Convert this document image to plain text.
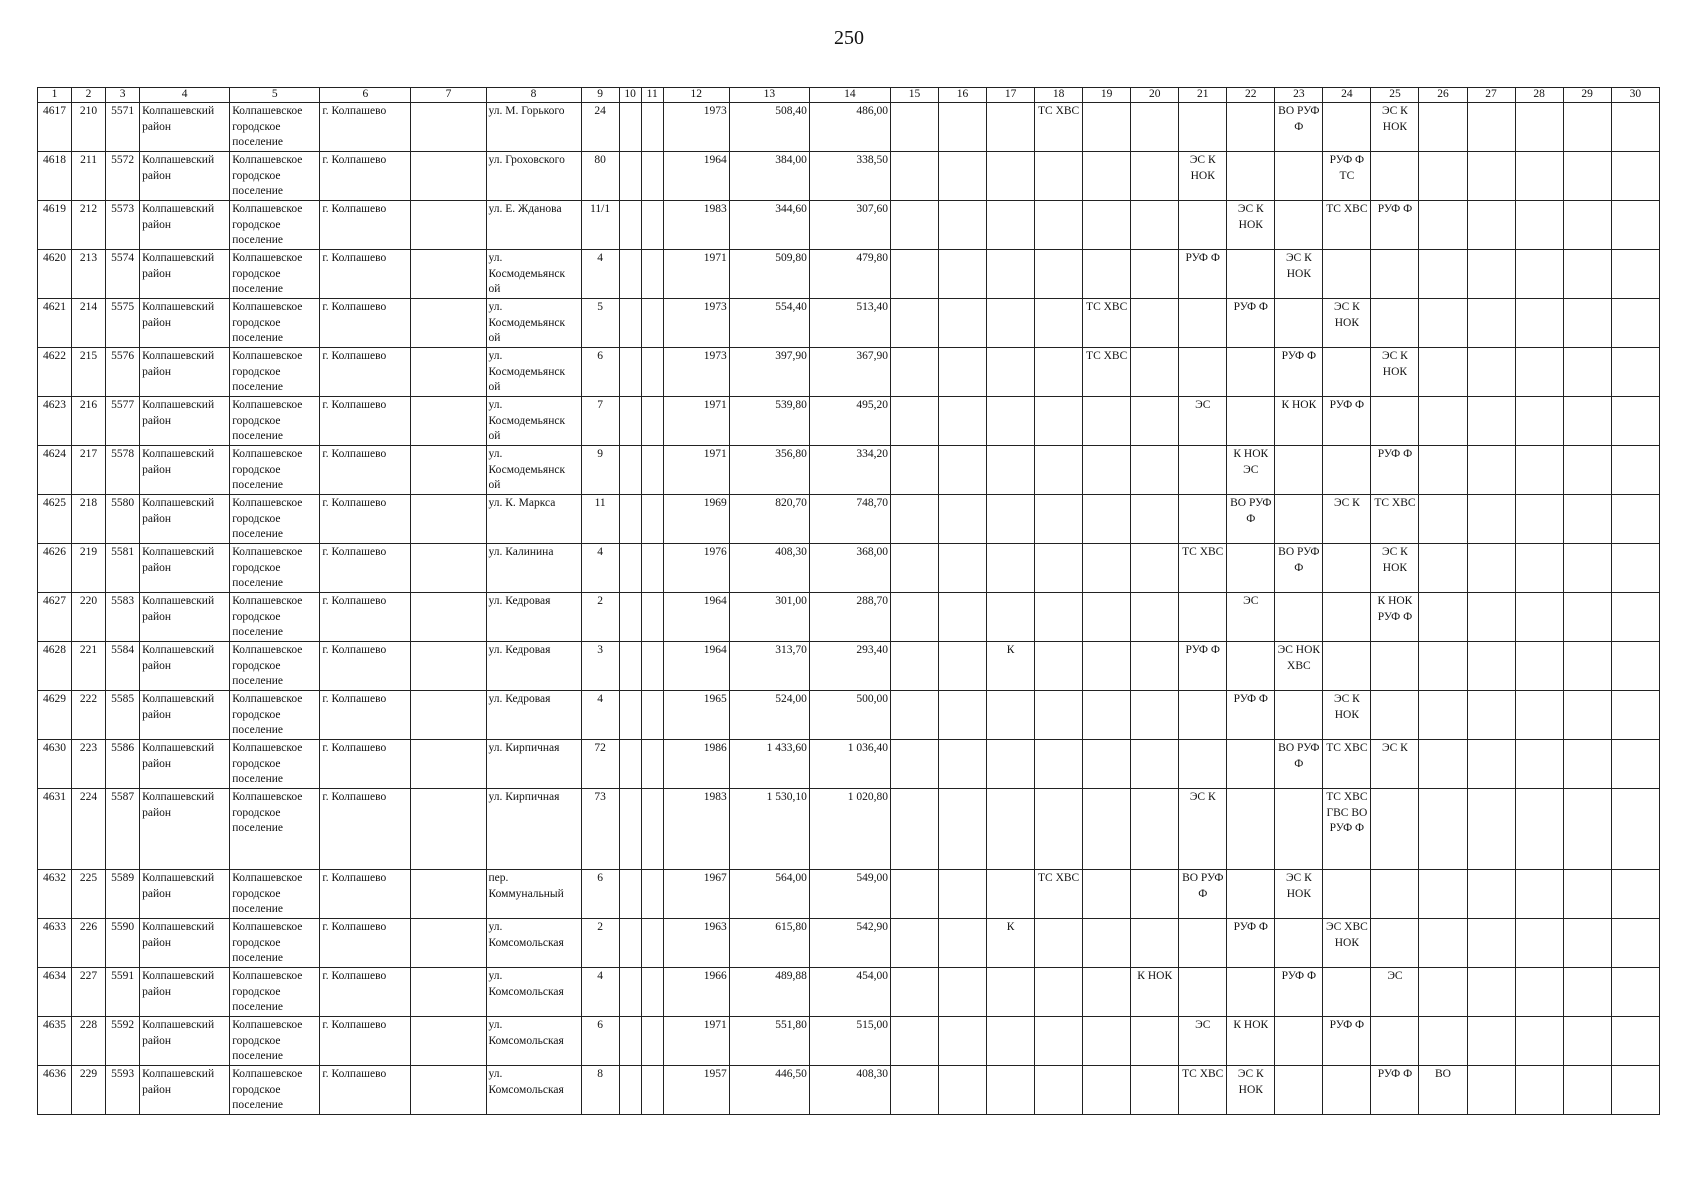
250
1	2	3	4	5	6	7	8	9	10	11	12	13	14	15	16	17	18	19	20	21	22	23	24	25	26	27	28	29	30
4617	210	5571	Колпашевский район	Колпашевское городское поселение	г. Колпашево		ул. М. Горького	24			1973	508,40	486,00				ТС ХВС					ВО РУФ Ф		ЭС К НОК					
4618	211	5572	Колпашевский район	Колпашевское городское поселение	г. Колпашево		ул. Гроховского	80			1964	384,00	338,50							ЭС К НОК			РУФ Ф ТС						
4619	212	5573	Колпашевский район	Колпашевское городское поселение	г. Колпашево		ул. Е. Жданова	11/1			1983	344,60	307,60								ЭС К НОК		ТС ХВС	РУФ Ф					
4620	213	5574	Колпашевский район	Колпашевское городское поселение	г. Колпашево		ул. Космодемьянск ой	4			1971	509,80	479,80							РУФ Ф		ЭС К НОК							
4621	214	5575	Колпашевский район	Колпашевское городское поселение	г. Колпашево		ул. Космодемьянск ой	5			1973	554,40	513,40					ТС ХВС			РУФ Ф		ЭС К НОК						
4622	215	5576	Колпашевский район	Колпашевское городское поселение	г. Колпашево		ул. Космодемьянск ой	6			1973	397,90	367,90					ТС ХВС				РУФ Ф		ЭС К НОК					
4623	216	5577	Колпашевский район	Колпашевское городское поселение	г. Колпашево		ул. Космодемьянск ой	7			1971	539,80	495,20							ЭС		К НОК	РУФ Ф						
4624	217	5578	Колпашевский район	Колпашевское городское поселение	г. Колпашево		ул. Космодемьянск ой	9			1971	356,80	334,20								К НОК ЭС			РУФ Ф					
4625	218	5580	Колпашевский район	Колпашевское городское поселение	г. Колпашево		ул. К. Маркса	11			1969	820,70	748,70								ВО РУФ Ф		ЭС К	ТС ХВС					
4626	219	5581	Колпашевский район	Колпашевское городское поселение	г. Колпашево		ул. Калинина	4			1976	408,30	368,00							ТС ХВС		ВО РУФ Ф		ЭС К НОК					
4627	220	5583	Колпашевский район	Колпашевское городское поселение	г. Колпашево		ул. Кедровая	2			1964	301,00	288,70								ЭС			К НОК РУФ Ф					
4628	221	5584	Колпашевский район	Колпашевское городское поселение	г. Колпашево		ул. Кедровая	3			1964	313,70	293,40			К				РУФ Ф		ЭС НОК ХВС							
4629	222	5585	Колпашевский район	Колпашевское городское поселение	г. Колпашево		ул. Кедровая	4			1965	524,00	500,00								РУФ Ф		ЭС К НОК						
4630	223	5586	Колпашевский район	Колпашевское городское поселение	г. Колпашево		ул. Кирпичная	72			1986	1 433,60	1 036,40									ВО РУФ Ф	ТС ХВС	ЭС К					
4631	224	5587	Колпашевский район	Колпашевское городское поселение	г. Колпашево		ул. Кирпичная	73			1983	1 530,10	1 020,80							ЭС К			ТС ХВС ГВС ВО РУФ Ф						
4632	225	5589	Колпашевский район	Колпашевское городское поселение	г. Колпашево		пер. Коммунальный	6			1967	564,00	549,00				ТС ХВС			ВО РУФ Ф		ЭС К НОК							
4633	226	5590	Колпашевский район	Колпашевское городское поселение	г. Колпашево		ул. Комсомольская	2			1963	615,80	542,90			К					РУФ Ф		ЭС ХВС НОК						
4634	227	5591	Колпашевский район	Колпашевское городское поселение	г. Колпашево		ул. Комсомольская	4			1966	489,88	454,00						К НОК			РУФ Ф		ЭС					
4635	228	5592	Колпашевский район	Колпашевское городское поселение	г. Колпашево		ул. Комсомольская	6			1971	551,80	515,00							ЭС	К НОК		РУФ Ф						
4636	229	5593	Колпашевский район	Колпашевское городское поселение	г. Колпашево		ул. Комсомольская	8			1957	446,50	408,30							ТС ХВС	ЭС К НОК			РУФ Ф	ВО				
